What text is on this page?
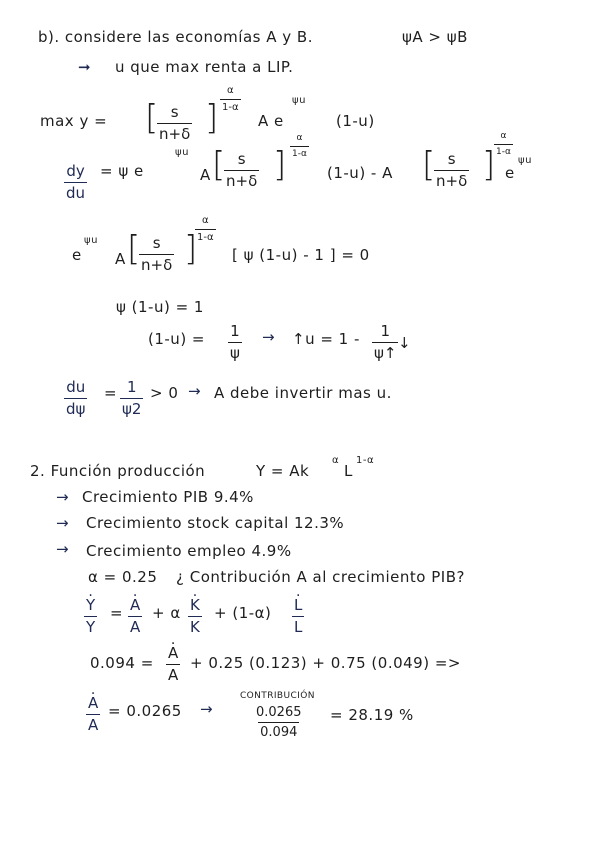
b). considere las economías A y B.	ψA > ψB
➞ u que max renta a LIP.
max y = [
$\frac{s}{n+\delta}$ ] $\frac{\alpha}{1-\alpha}$
A e
ψu
(1-u)
$\frac{dy}{du} = \psi$ e
ψu
A [
$\frac{s}{n+\delta}$ ] $\frac{\alpha}{1-\alpha}$
(1-u) - A [
$\frac{s}{n+\delta}$ ]
$\frac{\alpha}{1-\alpha}$
e
ψu
e
ψu
A [
$\frac{s}{n+\delta}$ ]
$\frac{\alpha}{1-\alpha}$
[ ψ (1-u) - 1 ] = 0
ψ (1-u) = 1
$(1-u) = \frac{1}{\psi}$ → ↑u = $1 - \frac{1}{\psi↑}$ ↓
$\frac{du}{d\psi} = \frac{1}{\psi 2} > 0 \to A$ debe invertir mas u.
2. Función producción	Y = Ak
α
L
1-α
→ Crecimiento PIB 9.4%
→ Crecimiento stock capital 12.3%
→ Crecimiento empleo 4.9%
α = 0.25 ¿ Contribución A al crecimiento PIB?
· $\frac{Y}{Y}$ =
· $\frac{A}{A} + \alpha$
· $\frac{K}{K} + (1-\alpha)$
· $\frac{L}{L}$
0.094 =
· $\frac{A}{A} + 0.25$ (0.123) + 0.75 (0.049) =>
· $\frac{A}{A} = 0.0265$ →
CONTRIBUCIÓN
$\frac{0.0265}{0.094} = 28.19$ %
